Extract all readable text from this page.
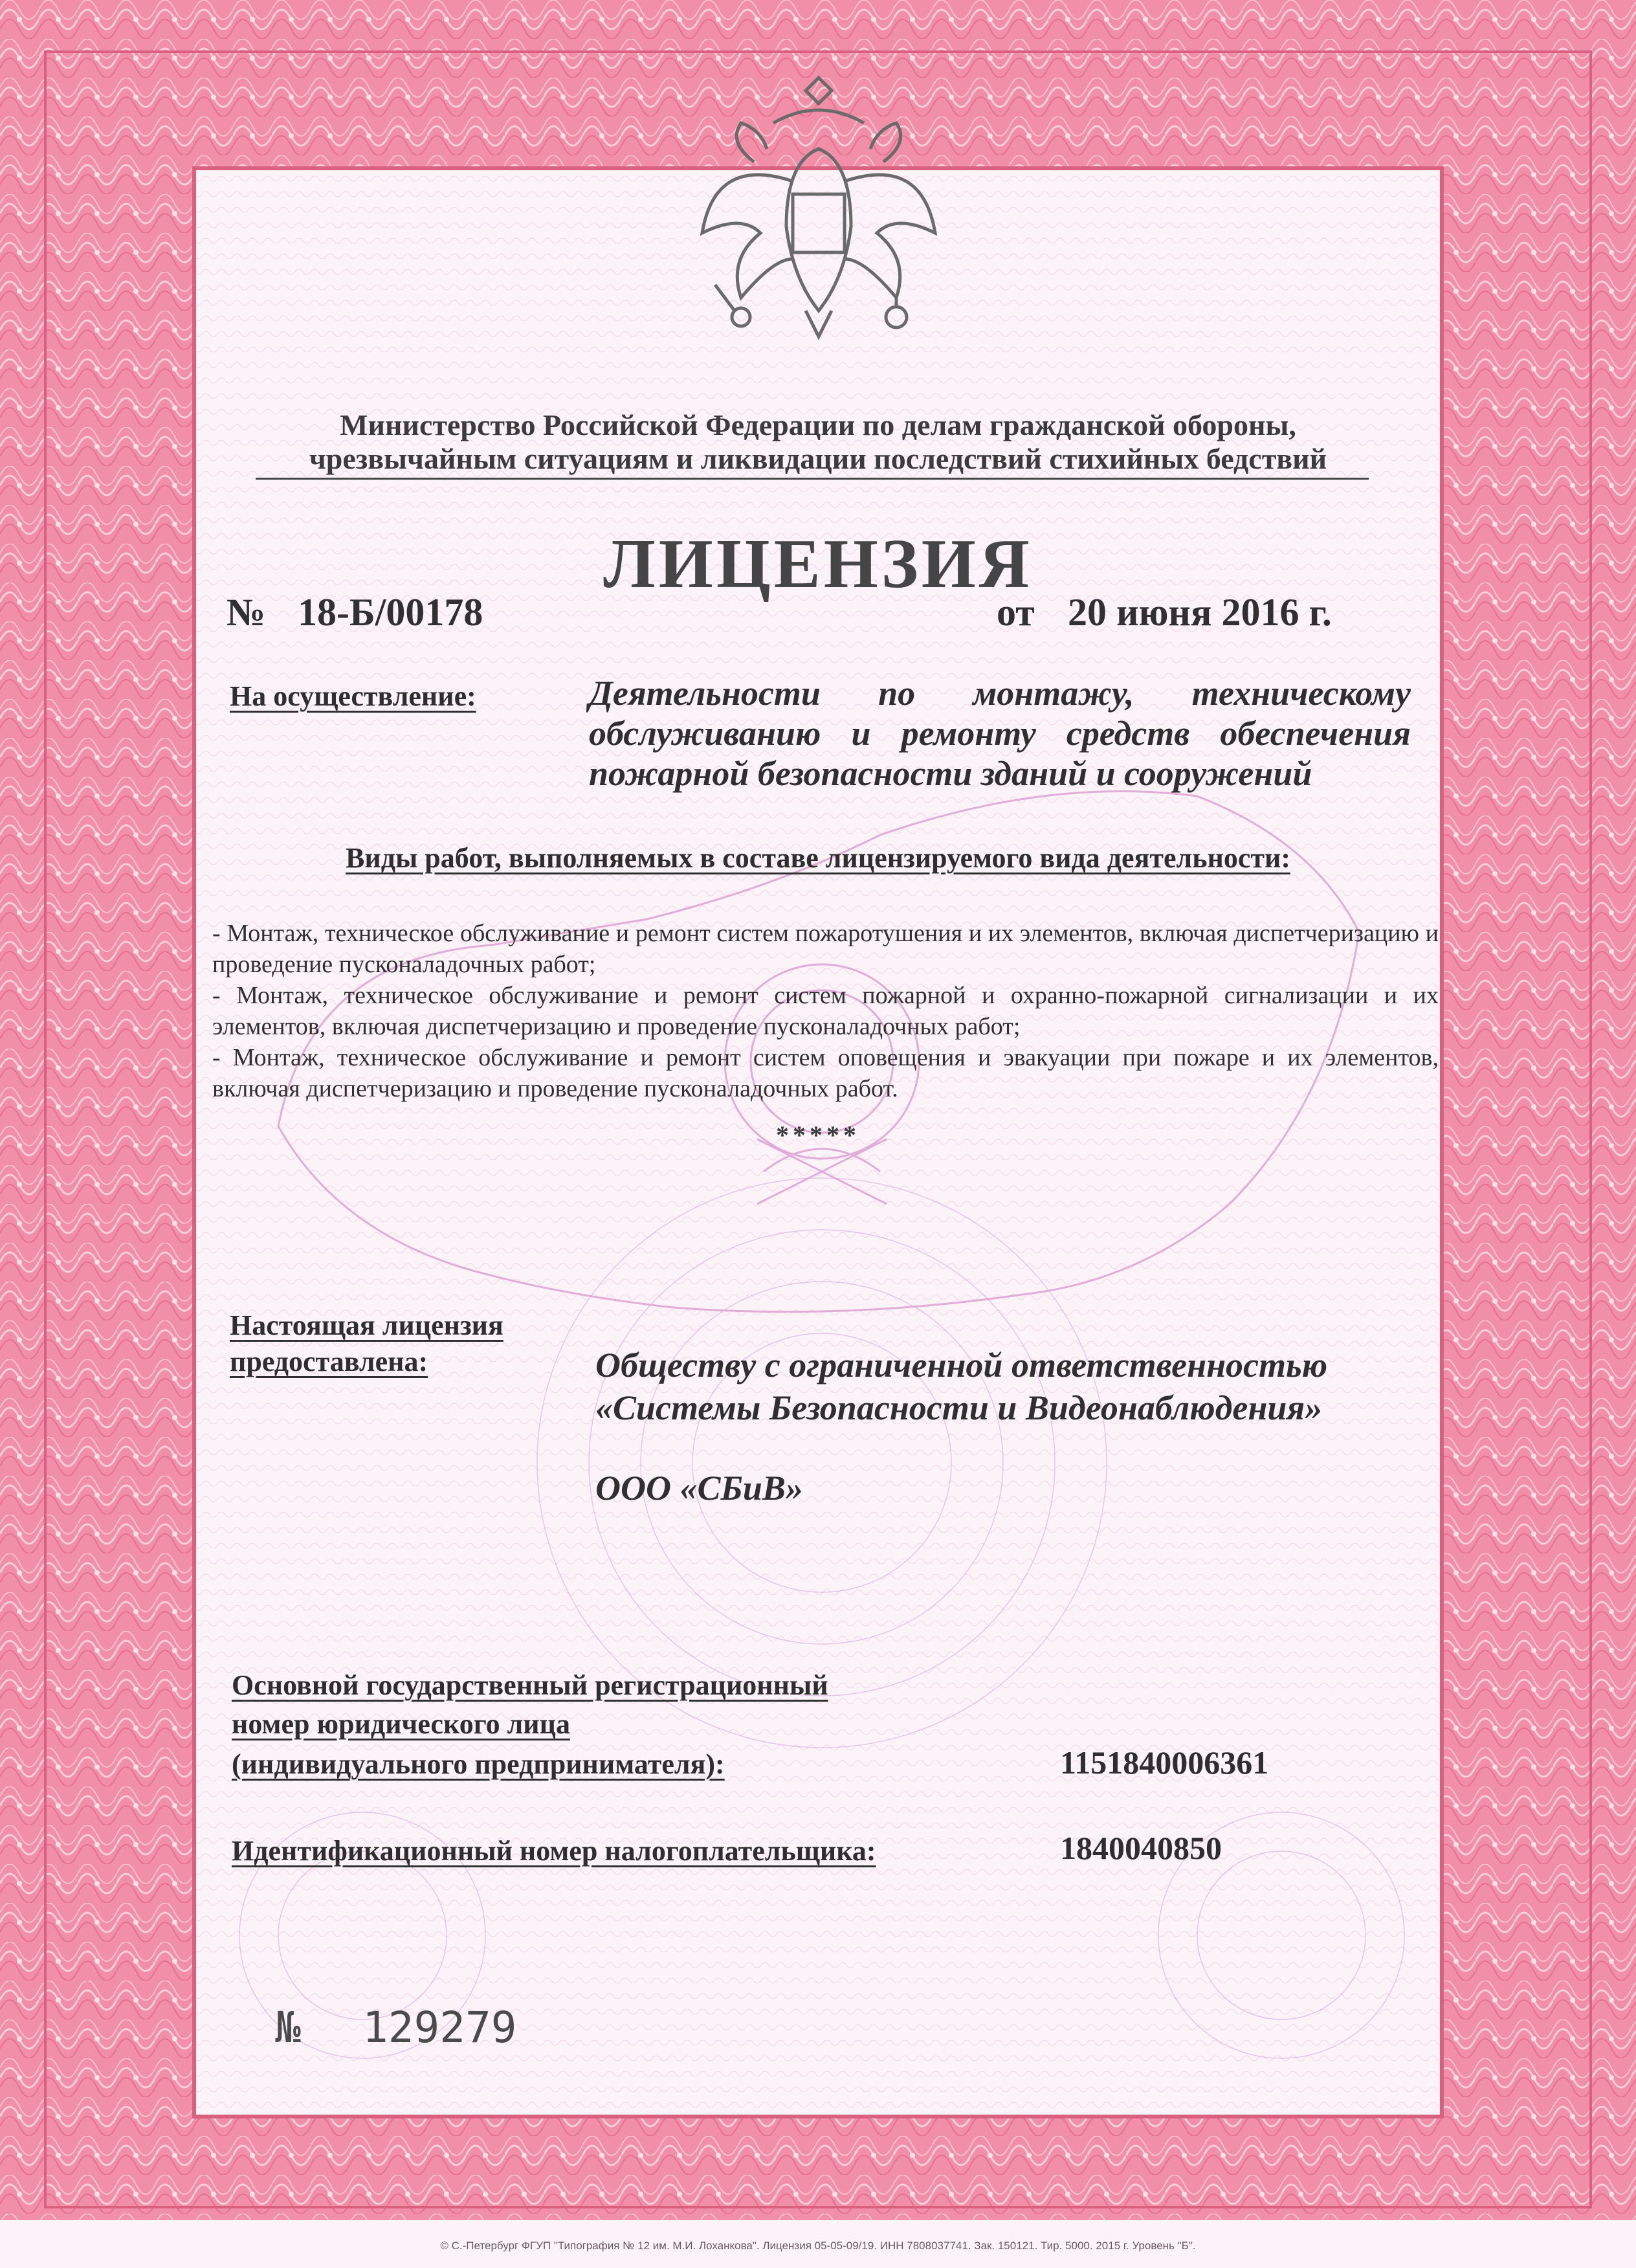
Министерство Российской Федерации по делам гражданской обороны,

чрезвычайным ситуациям и ликвидации последствий стихийных бедствий

ЛИЦЕНЗИЯ

№ 18-Б/00178	от 20 июня 2016 г.

На осуществление:	Деятельности по монтажу, техническому
обслуживанию и ремонту средств обеспечения
пожарной безопасности зданий и сооружений

Виды работ, выполняемых в составе лицензируемого вида деятельности:

- Монтаж, техническое обслуживание и ремонт систем пожаротушения и их элементов, включая диспетчеризацию и проведение пусконаладочных работ;

- Монтаж, техническое обслуживание и ремонт систем пожарной и охранно-пожарной сигнализации и их элементов, включая диспетчеризацию и проведение пусконаладочных работ;

- Монтаж, техническое обслуживание и ремонт систем оповещения и эвакуации при пожаре и их элементов, включая диспетчеризацию и проведение пусконаладочных работ.

*****

Настоящая лицензия

предоставлена:	Обществу с ограниченной ответственностью

«Системы Безопасности и Видеонаблюдения»

ООО «СБиВ»

Основной государственный регистрационный

номер юридического лица

(индивидуального предпринимателя):	1151840006361

Идентификационный номер налогоплательщика:	1840040850

№ 129279

© С.-Петербург ФГУП "Типография № 12 им. М.И. Лоханкова". Лицензия 05-05-09/19. ИНН 7808037741. Зак. 150121. Тир. 5000. 2015 г. Уровень "Б".
